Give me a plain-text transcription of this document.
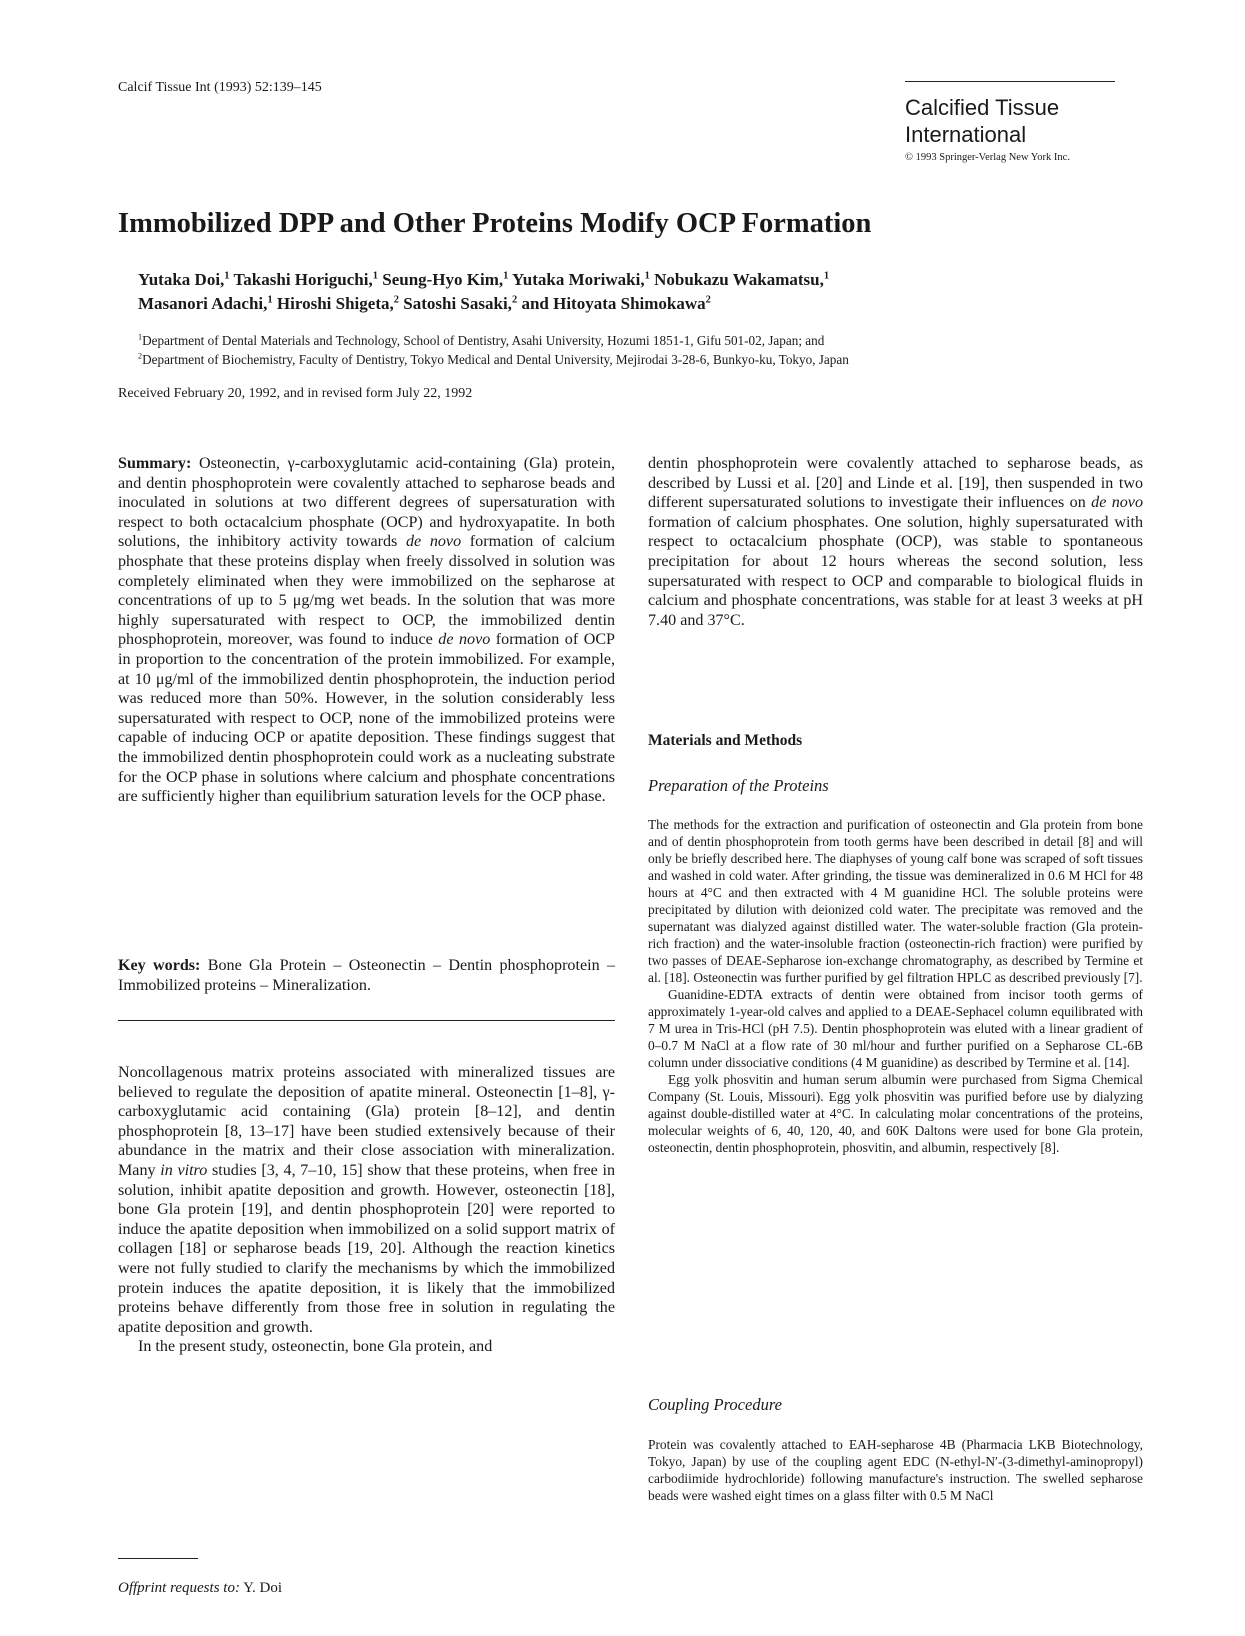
Calcif Tissue Int (1993) 52:139–145
Calcified Tissue
International
© 1993 Springer-Verlag New York Inc.
Immobilized DPP and Other Proteins Modify OCP Formation
Yutaka Doi,$^1$ Takashi Horiguchi,$^1$ Seung-Hyo Kim,$^1$ Yutaka Moriwaki,$^1$ Nobukazu Wakamatsu,$^1$
Masanori Adachi,$^1$ Hiroshi Shigeta,$^2$ Satoshi Sasaki,$^2$ and Hitoyata Shimokawa$^2$
$^1$Department of Dental Materials and Technology, School of Dentistry, Asahi University, Hozumi 1851-1, Gifu 501-02, Japan; and
$^2$Department of Biochemistry, Faculty of Dentistry, Tokyo Medical and Dental University, Mejirodai 3-28-6, Bunkyo-ku, Tokyo, Japan
Received February 20, 1992, and in revised form July 22, 1992
Summary: Osteonectin, γ-carboxyglutamic acid-containing (Gla) protein, and dentin phosphoprotein were covalently attached to sepharose beads and inoculated in solutions at two different degrees of supersaturation with respect to both octacalcium phosphate (OCP) and hydroxyapatite. In both solutions, the inhibitory activity towards de novo formation of calcium phosphate that these proteins display when freely dissolved in solution was completely eliminated when they were immobilized on the sepharose at concentrations of up to 5 μg/mg wet beads. In the solution that was more highly supersaturated with respect to OCP, the immobilized dentin phosphoprotein, moreover, was found to induce de novo formation of OCP in proportion to the concentration of the protein immobilized. For example, at 10 μg/ml of the immobilized dentin phosphoprotein, the induction period was reduced more than 50%. However, in the solution considerably less supersaturated with respect to OCP, none of the immobilized proteins were capable of inducing OCP or apatite deposition. These findings suggest that the immobilized dentin phosphoprotein could work as a nucleating substrate for the OCP phase in solutions where calcium and phosphate concentrations are sufficiently higher than equilibrium saturation levels for the OCP phase.
Key words: Bone Gla Protein – Osteonectin – Dentin phosphoprotein – Immobilized proteins – Mineralization.

Noncollagenous matrix proteins associated with mineralized tissues are believed to regulate the deposition of apatite mineral. Osteonectin [1–8], γ-carboxyglutamic acid containing (Gla) protein [8–12], and dentin phosphoprotein [8, 13–17] have been studied extensively because of their abundance in the matrix and their close association with mineralization. Many in vitro studies [3, 4, 7–10, 15] show that these proteins, when free in solution, inhibit apatite deposition and growth. However, osteonectin [18], bone Gla protein [19], and dentin phosphoprotein [20] were reported to induce the apatite deposition when immobilized on a solid support matrix of collagen [18] or sepharose beads [19, 20]. Although the reaction kinetics were not fully studied to clarify the mechanisms by which the immobilized protein induces the apatite deposition, it is likely that the immobilized proteins behave differently from those free in solution in regulating the apatite deposition and growth.

In the present study, osteonectin, bone Gla protein, and

Offprint requests to: Y. Doi

dentin phosphoprotein were covalently attached to sepharose beads, as described by Lussi et al. [20] and Linde et al. [19], then suspended in two different supersaturated solutions to investigate their influences on de novo formation of calcium phosphates. One solution, highly supersaturated with respect to octacalcium phosphate (OCP), was stable to spontaneous precipitation for about 12 hours whereas the second solution, less supersaturated with respect to OCP and comparable to biological fluids in calcium and phosphate concentrations, was stable for at least 3 weeks at pH 7.40 and 37°C.

Materials and Methods
Preparation of the Proteins

The methods for the extraction and purification of osteonectin and Gla protein from bone and of dentin phosphoprotein from tooth germs have been described in detail [8] and will only be briefly described here. The diaphyses of young calf bone was scraped of soft tissues and washed in cold water. After grinding, the tissue was demineralized in 0.6 M HCl for 48 hours at 4°C and then extracted with 4 M guanidine HCl. The soluble proteins were precipitated by dilution with deionized cold water. The precipitate was removed and the supernatant was dialyzed against distilled water. The water-soluble fraction (Gla protein-rich fraction) and the water-insoluble fraction (osteonectin-rich fraction) were purified by two passes of DEAE-Sepharose ion-exchange chromatography, as described by Termine et al. [18]. Osteonectin was further purified by gel filtration HPLC as described previously [7].

Guanidine-EDTA extracts of dentin were obtained from incisor tooth germs of approximately 1-year-old calves and applied to a DEAE-Sephacel column equilibrated with 7 M urea in Tris-HCl (pH 7.5). Dentin phosphoprotein was eluted with a linear gradient of 0–0.7 M NaCl at a flow rate of 30 ml/hour and further purified on a Sepharose CL-6B column under dissociative conditions (4 M guanidine) as described by Termine et al. [14].

Egg yolk phosvitin and human serum albumin were purchased from Sigma Chemical Company (St. Louis, Missouri). Egg yolk phosvitin was purified before use by dialyzing against double-distilled water at 4°C. In calculating molar concentrations of the proteins, molecular weights of 6, 40, 120, 40, and 60K Daltons were used for bone Gla protein, osteonectin, dentin phosphoprotein, phosvitin, and albumin, respectively [8].

Coupling Procedure
Protein was covalently attached to EAH-sepharose 4B (Pharmacia LKB Biotechnology, Tokyo, Japan) by use of the coupling agent EDC (N-ethyl-N′-(3-dimethyl-aminopropyl) carbodiimide hydrochloride) following manufacture's instruction. The swelled sepharose beads were washed eight times on a glass filter with 0.5 M NaCl
